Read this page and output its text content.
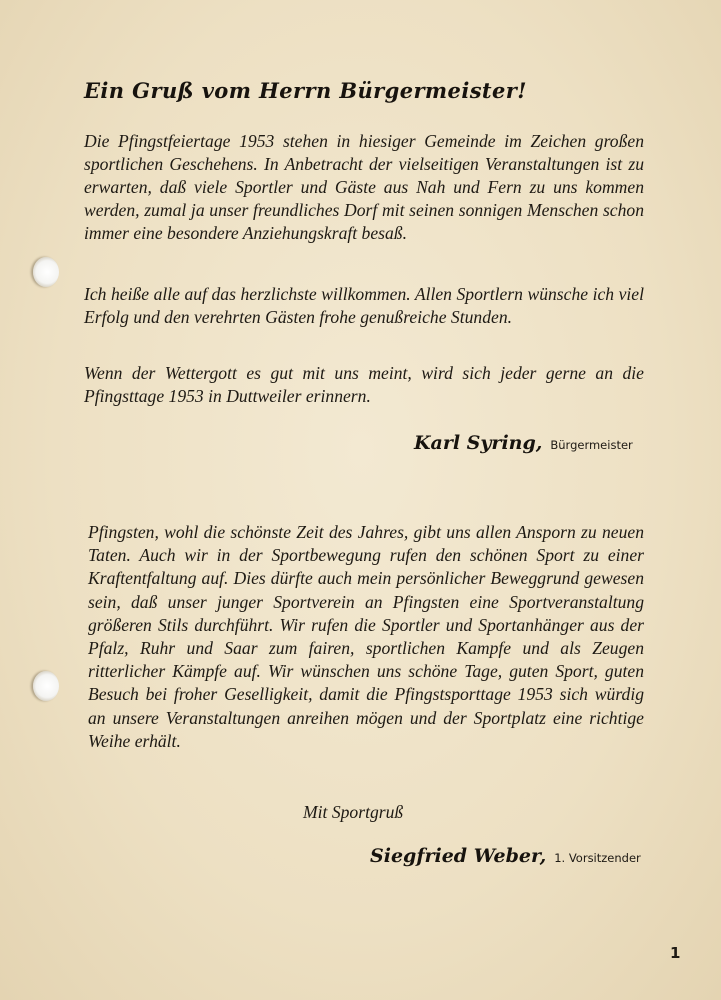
Ein Gruß vom Herrn Bürgermeister!
Die Pfingstfeiertage 1953 stehen in hiesiger Gemeinde im Zeichen großen sportlichen Geschehens. In Anbetracht der vielseitigen Veranstaltungen ist zu erwarten, daß viele Sportler und Gäste aus Nah und Fern zu uns kommen werden, zumal ja unser freundliches Dorf mit seinen sonnigen Menschen schon immer eine besondere Anziehungskraft besaß.
Ich heiße alle auf das herzlichste willkommen. Allen Sportlern wünsche ich viel Erfolg und den verehrten Gästen frohe genußreiche Stunden.
Wenn der Wettergott es gut mit uns meint, wird sich jeder gerne an die Pfingsttage 1953 in Duttweiler erinnern.
Karl Syring, Bürgermeister
Pfingsten, wohl die schönste Zeit des Jahres, gibt uns allen Ansporn zu neuen Taten. Auch wir in der Sportbewegung rufen den schönen Sport zu einer Kraftentfaltung auf. Dies dürfte auch mein persönlicher Beweggrund gewesen sein, daß unser junger Sportverein an Pfingsten eine Sportveranstaltung größeren Stils durchführt. Wir rufen die Sportler und Sportanhänger aus der Pfalz, Ruhr und Saar zum fairen, sportlichen Kampfe und als Zeugen ritterlicher Kämpfe auf. Wir wünschen uns schöne Tage, guten Sport, guten Besuch bei froher Geselligkeit, damit die Pfingstsporttage 1953 sich würdig an unsere Veranstaltungen anreihen mögen und der Sportplatz eine richtige Weihe erhält.
Mit Sportgruß
Siegfried Weber, 1. Vorsitzender
1
